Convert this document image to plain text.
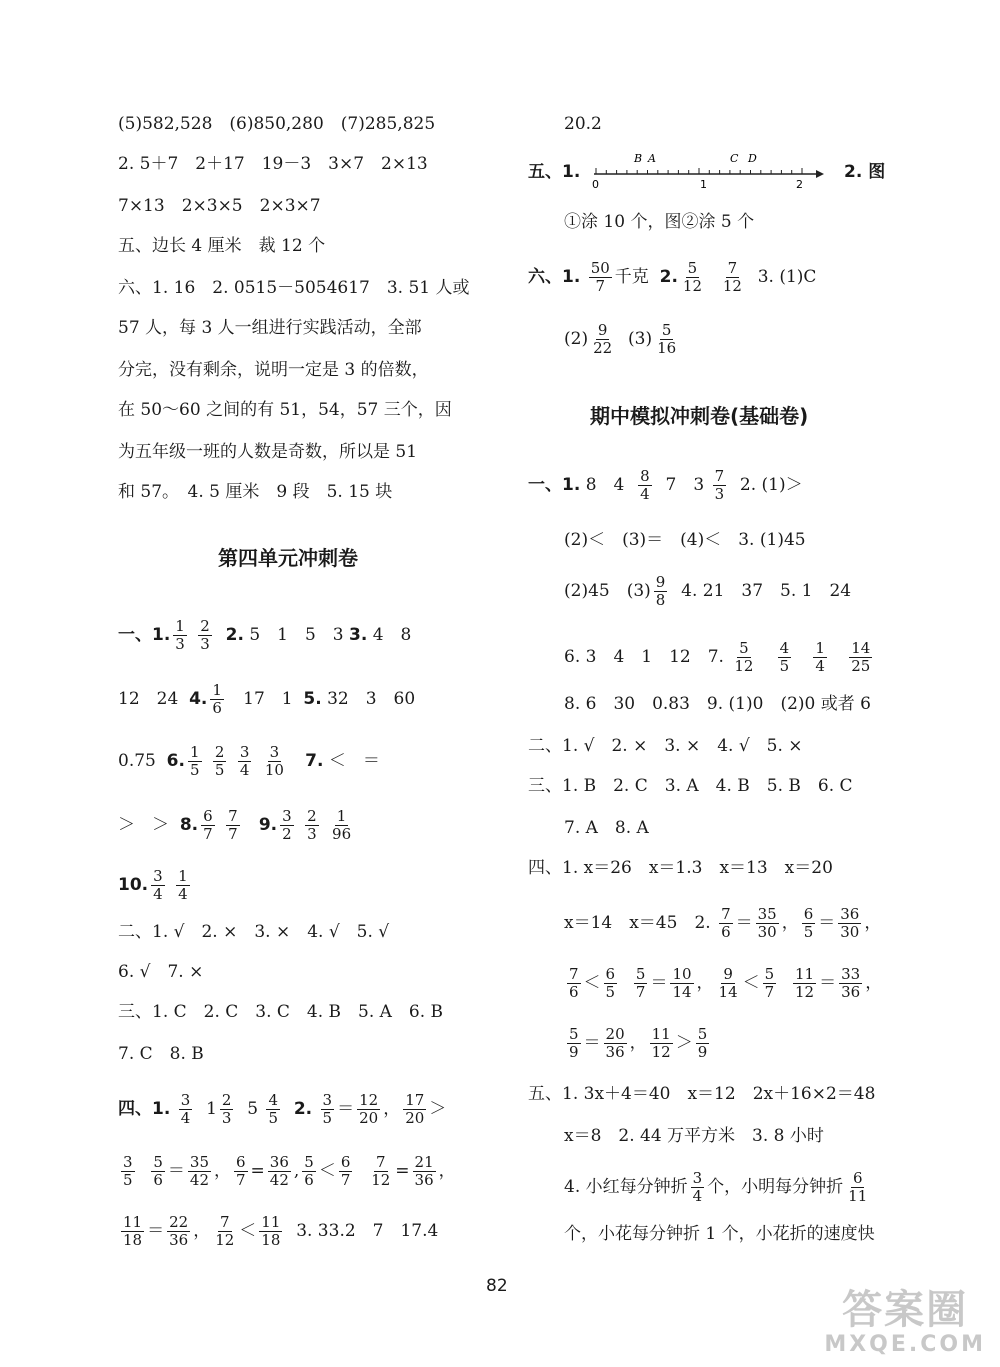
(5)582,528　(6)850,280　(7)285,825
2. 5＋7　2＋17　19－3　3×7　2×13
7×13　2×3×5　2×3×7
五、边长 4 厘米　裁 12 个
六、1. 16　2. 0515－5054617　3. 51 人或
57 人，每 3 人一组进行实践活动，全部
分完，没有剩余，说明一定是 3 的倍数，
在 50～60 之间的有 51，54，57 三个，因
为五年级一班的人数是奇数，所以是 51
和 57。　4. 5 厘米　9 段　5. 15 块
第四单元冲刺卷
一、1. $\frac{1}{3}$
$\frac{2}{3} 2$. 5　1　5　3 3. 4　8
12　24 4. $\frac{1}{6} 17$　1 5. 32　3　60
0.75 6. $\frac{1}{5}$
$\frac{2}{5}$
$\frac{3}{4}$
$\frac{3}{10} 7$. ＜　＝
＞　＞ 8. $\frac{6}{7}$
$\frac{7}{7} 9$. $\frac{3}{2}$
$\frac{2}{3}$
$\frac{1}{96}$

10. $\frac{3}{4}$
$\frac{1}{4}$

二、1. √　2. ×　3. ×　4. √　5. √
6. √　7. ×
三、1. C　2. C　3. C　4. B　5. A　6. B
7. C　8. B
四、1. $\frac{3}{4} 1 \frac{2}{3} 5 \frac{4}{5} 2$. $\frac{3}{5} = \frac{12}{20}$ ， $\frac{17}{20}$ ＞
$\frac{3}{5}$
$\frac{5}{6} = \frac{35}{42}$ ， $\frac{6}{7} = \frac{36}{42}$ , $\frac{5}{6} < \frac{6}{7}$
$\frac{7}{12} = \frac{21}{36}$ ，
$\frac{11}{18} = \frac{22}{36}$ ， $\frac{7}{12} < \frac{11}{18} 3$. 33.2　7　17.4
20.2
五、1.
B A	C D
0	1	2
2. 图
①涂 10 个，图②涂 5 个
六、1. $\frac{50}{7}$ 千克 2. $\frac{5}{12}$
$\frac{7}{12} 3$. (1)C
$(2) \frac{9}{22} (3) \frac{5}{16}$
期中模拟冲刺卷(基础卷)
一、1. 8　$4 \frac{8}{4} 7$　$3 \frac{7}{3} 2$. (1)＞
(2)＜　(3)＝　(4)＜　3. (1)45
(2)45　$(3) \frac{9}{8} 4$. 21　37　5. 1　24
6. 3　4　1　12　7. $\frac{5}{12}$
$\frac{4}{5}$
$\frac{1}{4}$
$\frac{14}{25}$
8. 6　30　0.83　9. (1)0　(2)0 或者 6
二、1. √　2. ×　3. ×　4. √　5. ×
三、1. B　2. C　3. A　4. B　5. B　6. C
7. A　8. A
四、1. x＝26　x＝1.3　x＝13　x＝20
x＝14　x＝45　2. $\frac{7}{6} = \frac{35}{30}$ ， $\frac{6}{5} = \frac{36}{30}$ ，
$\frac{7}{6} < \frac{6}{5}$
$\frac{5}{7} = \frac{10}{14}$ ， $\frac{9}{14} < \frac{5}{7}$
$\frac{11}{12} = \frac{33}{36}$ ，
$\frac{5}{9} = \frac{20}{36}$ ， $\frac{11}{12} > \frac{5}{9}$
五、1. 3x＋4＝40　x＝12　2x＋16×2＝48
x＝8　2. 44 万平方米　3. 8 小时
4. 小红每分钟折 $\frac{3}{4}$ 个，小明每分钟折 $\frac{6}{11}$
个，小花每分钟折 1 个，小花折的速度快
82
答案圈
MXQE.COM
